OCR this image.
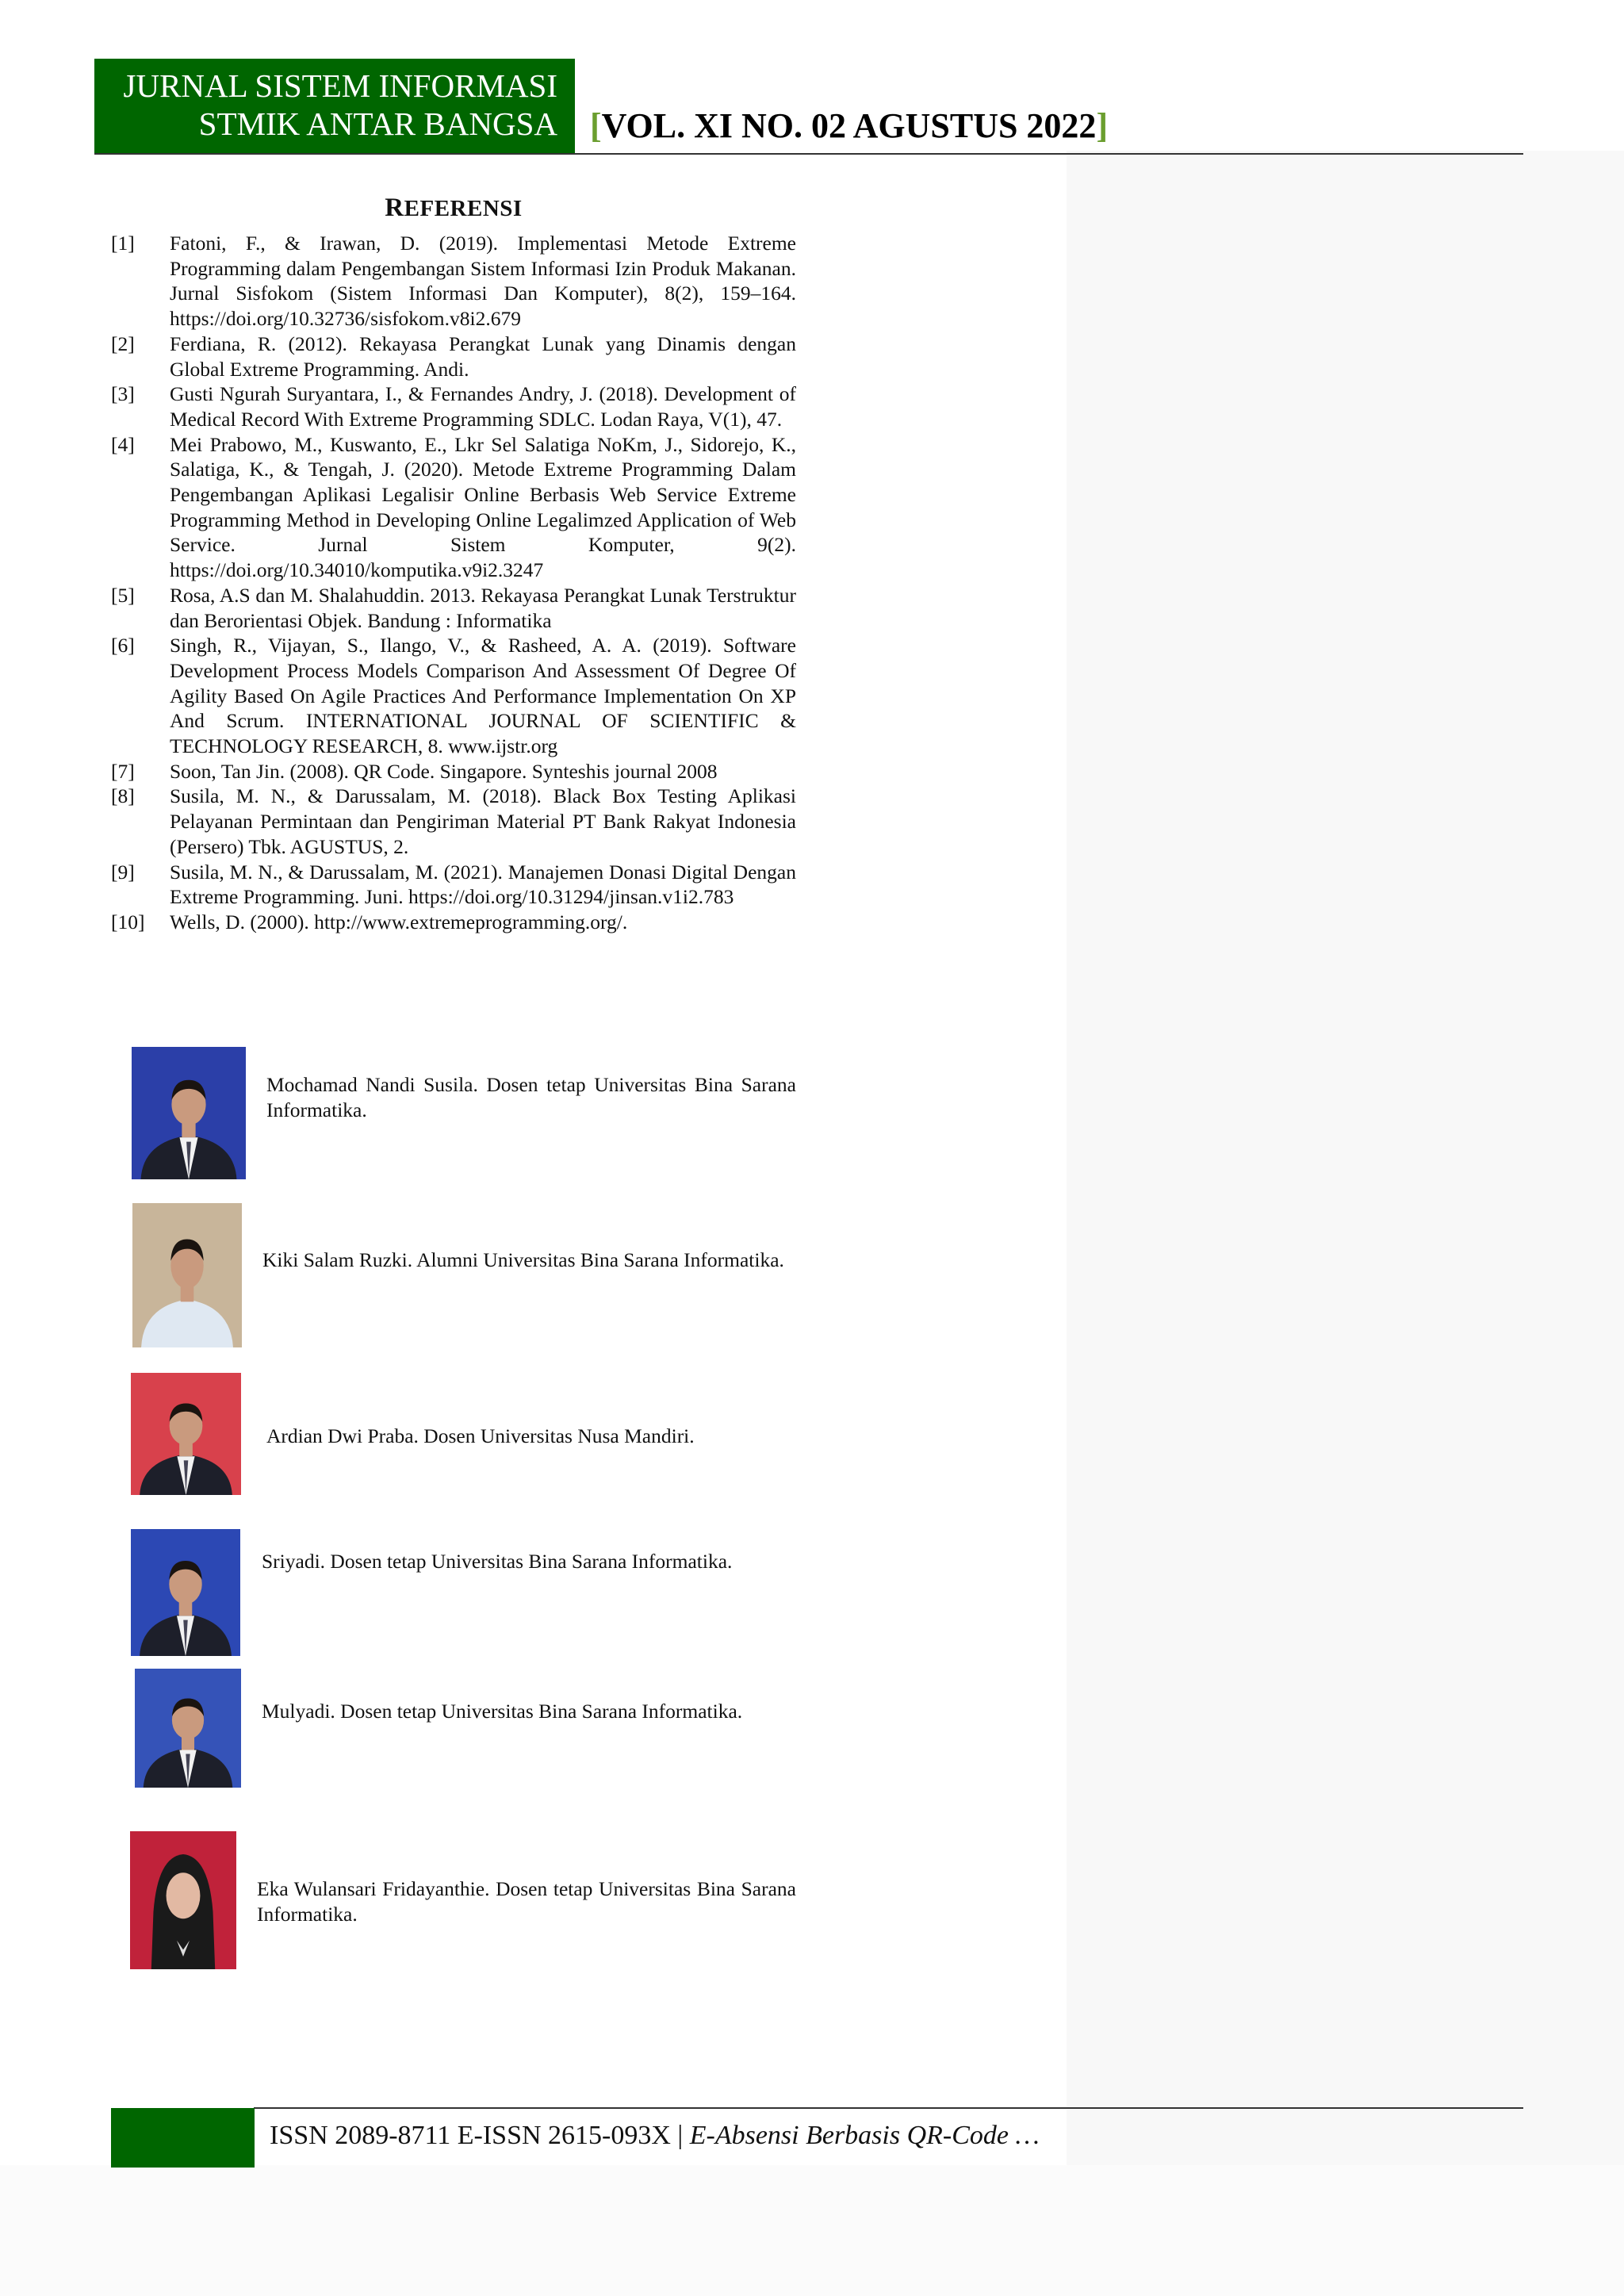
JURNAL SISTEM INFORMASI
STMIK ANTAR BANGSA [VOL. XI NO. 02 AGUSTUS 2022]
REFERENSI
[1]	Fatoni, F., & Irawan, D. (2019). Implementasi Metode Extreme Programming dalam Pengembangan Sistem Informasi Izin Produk Makanan. Jurnal Sisfokom (Sistem Informasi Dan Komputer), 8(2), 159–164. https://doi.org/10.32736/sisfokom.v8i2.679
[2]	Ferdiana, R. (2012). Rekayasa Perangkat Lunak yang Dinamis dengan Global Extreme Programming. Andi.
[3]	Gusti Ngurah Suryantara, I., & Fernandes Andry, J. (2018). Development of Medical Record With Extreme Programming SDLC. Lodan Raya, V(1), 47.
[4]	Mei Prabowo, M., Kuswanto, E., Lkr Sel Salatiga NoKm, J., Sidorejo, K., Salatiga, K., & Tengah, J. (2020). Metode Extreme Programming Dalam Pengembangan Aplikasi Legalisir Online Berbasis Web Service Extreme Programming Method in Developing Online Legalimzed Application of Web Service. Jurnal Sistem Komputer, 9(2). https://doi.org/10.34010/komputika.v9i2.3247
[5]	Rosa, A.S dan M. Shalahuddin. 2013. Rekayasa Perangkat Lunak Terstruktur dan Berorientasi Objek. Bandung : Informatika
[6]	Singh, R., Vijayan, S., Ilango, V., & Rasheed, A. A. (2019). Software Development Process Models Comparison And Assessment Of Degree Of Agility Based On Agile Practices And Performance Implementation On XP And Scrum. INTERNATIONAL JOURNAL OF SCIENTIFIC & TECHNOLOGY RESEARCH, 8. www.ijstr.org
[7]	Soon, Tan Jin. (2008). QR Code. Singapore. Synteshis journal 2008
[8]	Susila, M. N., & Darussalam, M. (2018). Black Box Testing Aplikasi Pelayanan Permintaan dan Pengiriman Material PT Bank Rakyat Indonesia (Persero) Tbk. AGUSTUS, 2.
[9]	Susila, M. N., & Darussalam, M. (2021). Manajemen Donasi Digital Dengan Extreme Programming. Juni. https://doi.org/10.31294/jinsan.v1i2.783
[10]	Wells, D. (2000). http://www.extremeprogramming.org/.
Mochamad Nandi Susila. Dosen tetap Universitas Bina Sarana Informatika.
Kiki Salam Ruzki. Alumni Universitas Bina Sarana Informatika.
Ardian Dwi Praba. Dosen Universitas Nusa Mandiri.
Sriyadi. Dosen tetap Universitas Bina Sarana Informatika.
Mulyadi. Dosen tetap Universitas Bina Sarana Informatika.
Eka Wulansari Fridayanthie. Dosen tetap Universitas Bina Sarana Informatika.
ISSN 2089-8711 E-ISSN 2615-093X | E-Absensi Berbasis QR-Code …
